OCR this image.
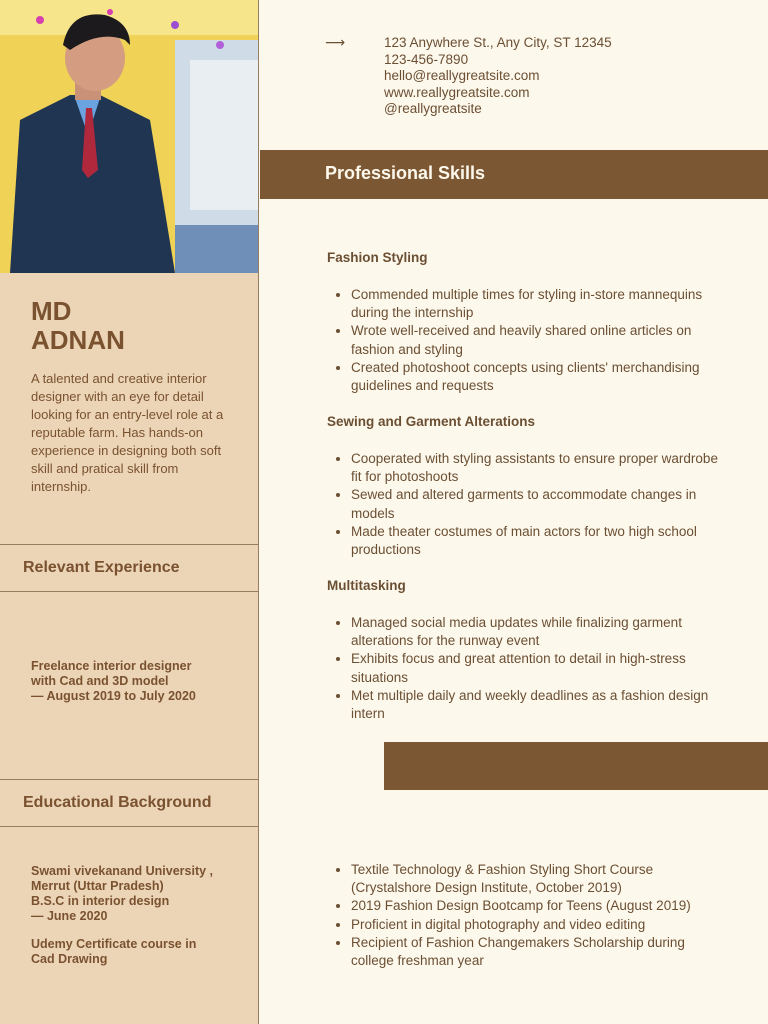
MD
ADNAN
A talented and creative interior designer with an eye for detail looking for an entry-level role at a reputable farm. Has hands-on experience in designing both soft skill and pratical skill from internship.
Relevant Experience
Freelance interior designer
with Cad and 3D model
— August 2019 to July 2020
Educational Background
Swami vivekanand University ,
Merrut (Uttar Pradesh)
B.S.C in interior design
— June 2020
Udemy Certificate course in
Cad Drawing
⟶	123 Anywhere St., Any City, ST 12345
123-456-7890
hello@reallygreatsite.com
www.reallygreatsite.com
@reallygreatsite
Professional Skills

Fashion Styling

• Commended multiple times for styling in-store mannequins during the internship
• Wrote well-received and heavily shared online articles on fashion and styling
• Created photoshoot concepts using clients' merchandising guidelines and requests

Sewing and Garment Alterations

• Cooperated with styling assistants to ensure proper wardrobe fit for photoshoots
• Sewed and altered garments to accommodate changes in models
• Made theater costumes of main actors for two high school productions

Multitasking

• Managed social media updates while finalizing garment alterations for the runway event
• Exhibits focus and great attention to detail in high-stress situations
• Met multiple daily and weekly deadlines as a fashion design intern
• Textile Technology & Fashion Styling Short Course (Crystalshore Design Institute, October 2019)
• 2019 Fashion Design Bootcamp for Teens (August 2019)
• Proficient in digital photography and video editing
• Recipient of Fashion Changemakers Scholarship during college freshman year
